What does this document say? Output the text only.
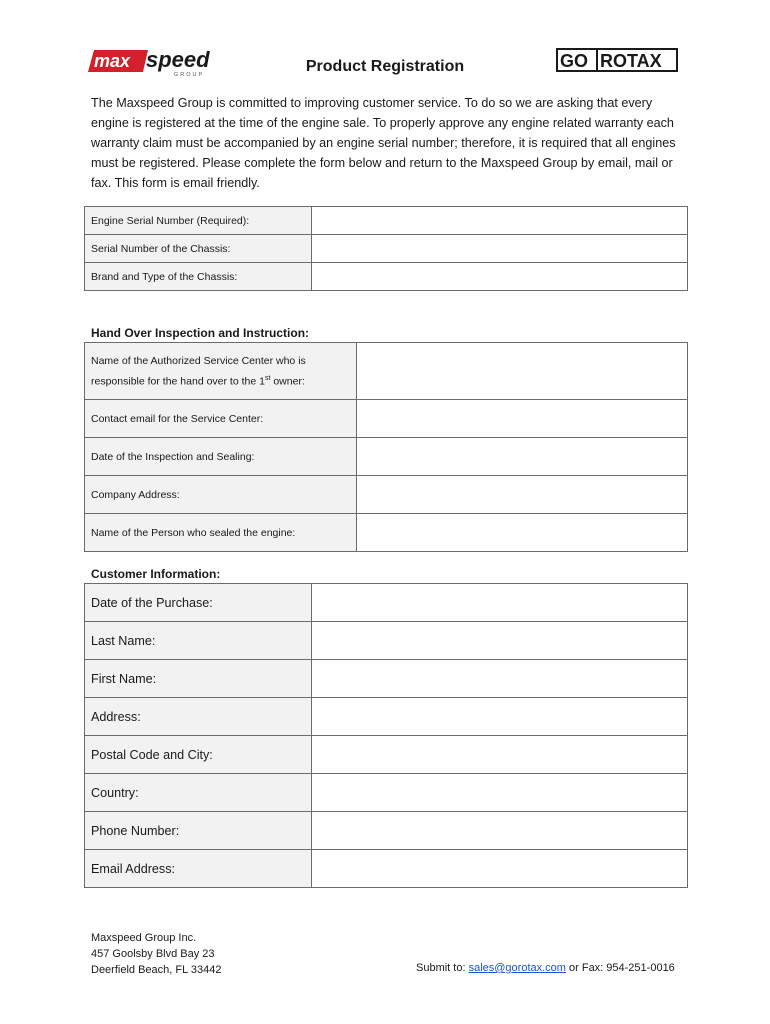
max speed
GROUP	Product Registration	GO ROTAX
The Maxspeed Group is committed to improving customer service. To do so we are asking that every engine is registered at the time of the engine sale. To properly approve any engine related warranty each warranty claim must be accompanied by an engine serial number; therefore, it is required that all engines must be registered. Please complete the form below and return to the Maxspeed Group by email, mail or fax. This form is email friendly.
Engine Serial Number (Required):	
Serial Number of the Chassis:	
Brand and Type of the Chassis:	
Hand Over Inspection and Instruction:
Name of the Authorized Service Center who is
responsible for the hand over to the 1st owner:	
Contact email for the Service Center:	
Date of the Inspection and Sealing:	
Company Address:	
Name of the Person who sealed the engine:	
Customer Information:
Date of the Purchase:	
Last Name:	
First Name:	
Address:	
Postal Code and City:	
Country:	
Phone Number:	
Email Address:	
Maxspeed Group Inc.
457 Goolsby Blvd Bay 23
Deerfield Beach, FL 33442	Submit to: sales@gorotax.com or Fax: 954-251-0016
